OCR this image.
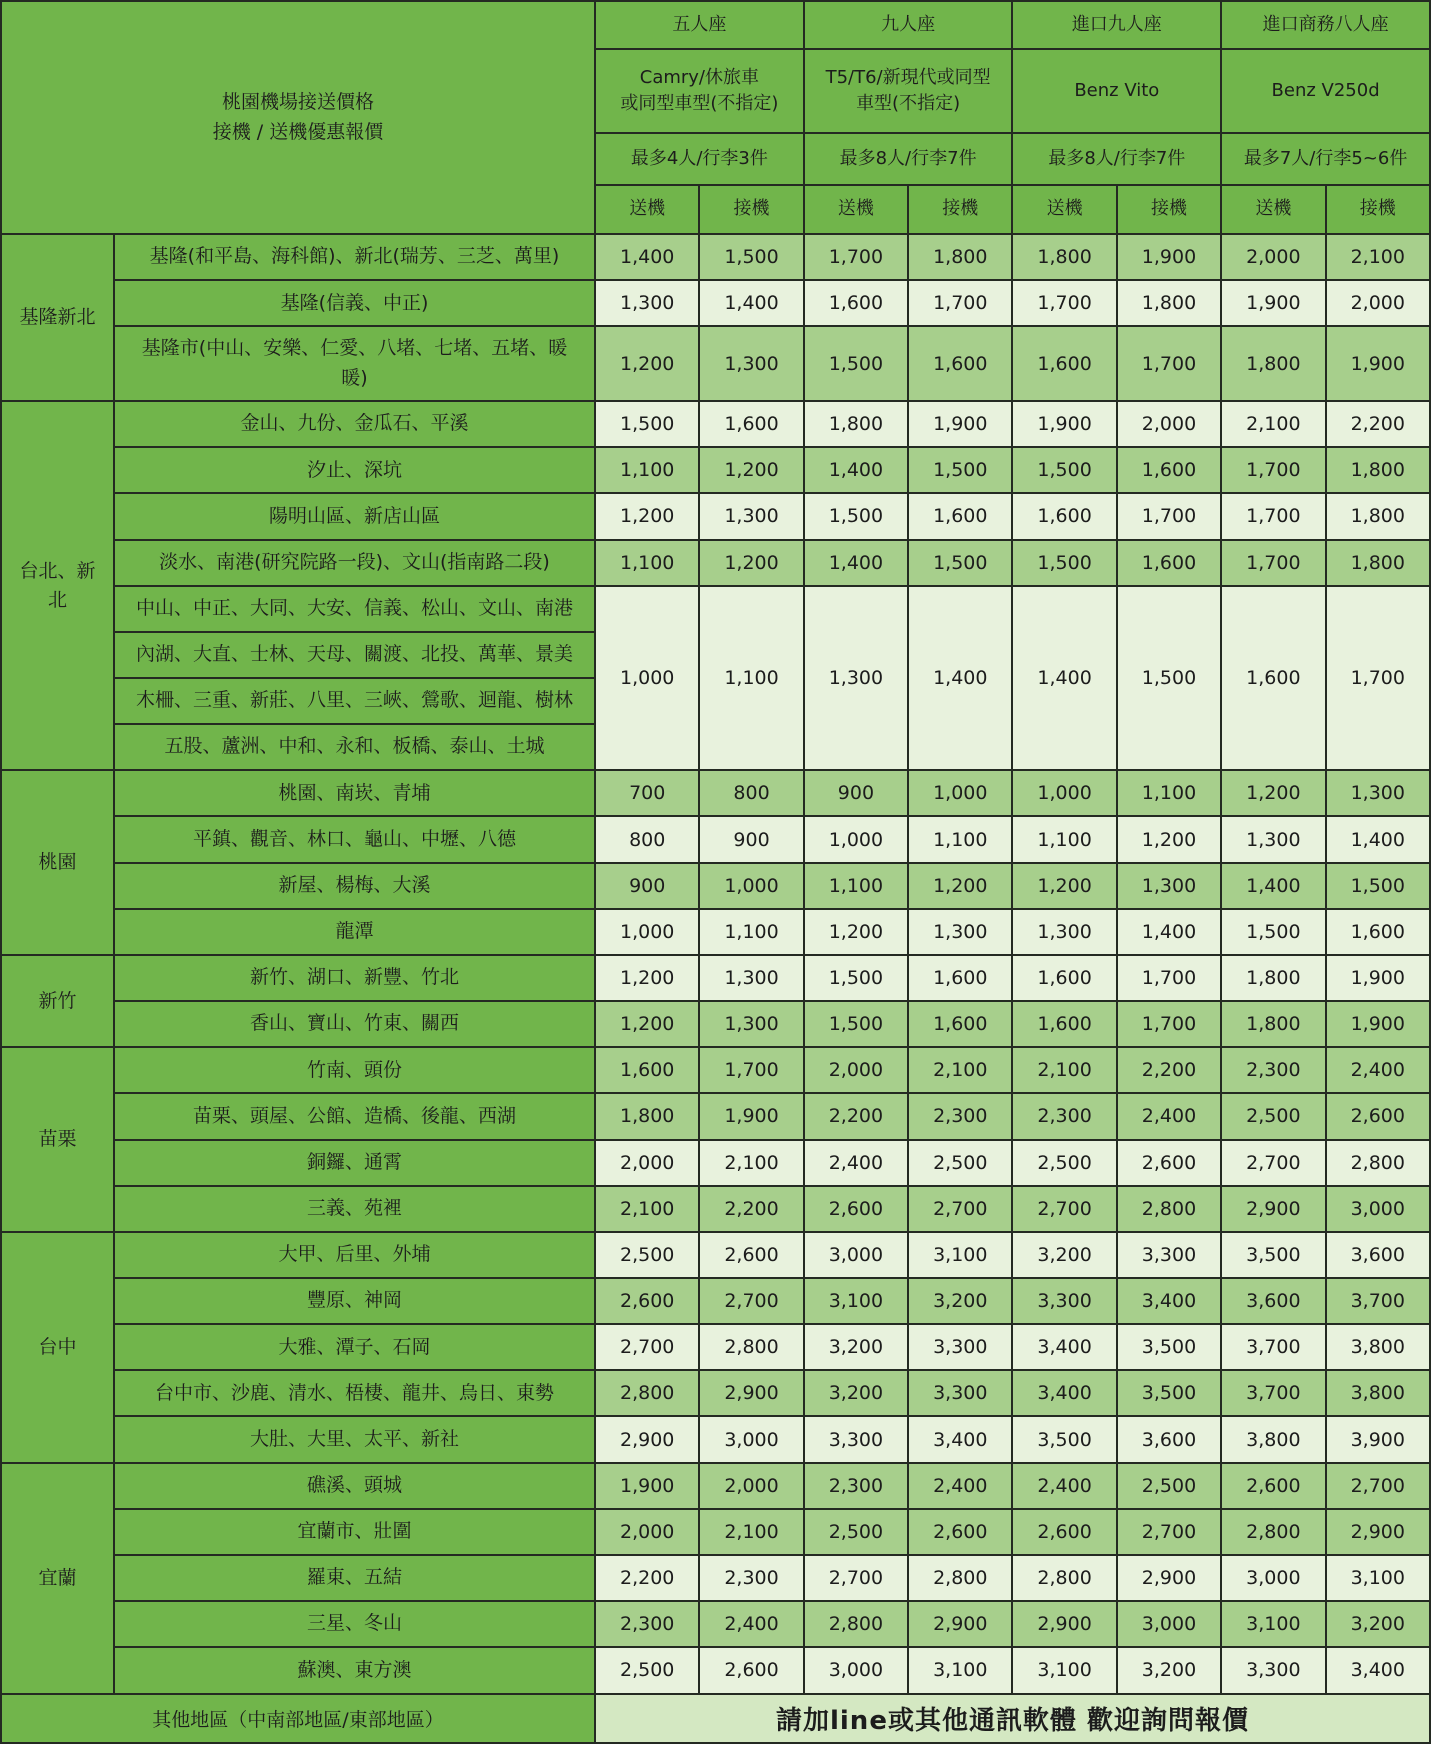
桃園機場接送價格
接機 / 送機優惠報價		五人座		九人座		進口九人座		進口商務八人座	
		Camry/休旅車
或同型車型(不指定)		T5/T6/新現代或同型
車型(不指定)		Benz Vito		Benz V250d	
		最多4人/行李3件		最多8人/行李7件		最多8人/行李7件		最多7人/行李5~6件	
		送機	接機	送機	接機	送機	接機	送機	接機
基隆新北	基隆(和平島、海科館)、新北(瑞芳、三芝、萬里)	1,400	1,500	1,700	1,800	1,800	1,900	2,000	2,100
	基隆(信義、中正)	1,300	1,400	1,600	1,700	1,700	1,800	1,900	2,000
	基隆市(中山、安樂、仁愛、八堵、七堵、五堵、暖
暖)	1,200	1,300	1,500	1,600	1,600	1,700	1,800	1,900
台北、新
北	金山、九份、金瓜石、平溪	1,500	1,600	1,800	1,900	1,900	2,000	2,100	2,200
	汐止、深坑	1,100	1,200	1,400	1,500	1,500	1,600	1,700	1,800
	陽明山區、新店山區	1,200	1,300	1,500	1,600	1,600	1,700	1,700	1,800
	淡水、南港(研究院路一段)、文山(指南路二段)	1,100	1,200	1,400	1,500	1,500	1,600	1,700	1,800
	中山、中正、大同、大安、信義、松山、文山、南港	1,000	1,100	1,300	1,400	1,400	1,500	1,600	1,700
	內湖、大直、士林、天母、關渡、北投、萬華、景美								
	木柵、三重、新莊、八里、三峽、鶯歌、迴龍、樹林								
	五股、蘆洲、中和、永和、板橋、泰山、土城								
桃園	桃園、南崁、青埔	700	800	900	1,000	1,000	1,100	1,200	1,300
	平鎮、觀音、林口、龜山、中壢、八德	800	900	1,000	1,100	1,100	1,200	1,300	1,400
	新屋、楊梅、大溪	900	1,000	1,100	1,200	1,200	1,300	1,400	1,500
	龍潭	1,000	1,100	1,200	1,300	1,300	1,400	1,500	1,600
新竹	新竹、湖口、新豐、竹北	1,200	1,300	1,500	1,600	1,600	1,700	1,800	1,900
	香山、寶山、竹東、關西	1,200	1,300	1,500	1,600	1,600	1,700	1,800	1,900
苗栗	竹南、頭份	1,600	1,700	2,000	2,100	2,100	2,200	2,300	2,400
	苗栗、頭屋、公館、造橋、後龍、西湖	1,800	1,900	2,200	2,300	2,300	2,400	2,500	2,600
	銅鑼、通霄	2,000	2,100	2,400	2,500	2,500	2,600	2,700	2,800
	三義、苑裡	2,100	2,200	2,600	2,700	2,700	2,800	2,900	3,000
台中	大甲、后里、外埔	2,500	2,600	3,000	3,100	3,200	3,300	3,500	3,600
	豐原、神岡	2,600	2,700	3,100	3,200	3,300	3,400	3,600	3,700
	大雅、潭子、石岡	2,700	2,800	3,200	3,300	3,400	3,500	3,700	3,800
	台中市、沙鹿、清水、梧棲、龍井、烏日、東勢	2,800	2,900	3,200	3,300	3,400	3,500	3,700	3,800
	大肚、大里、太平、新社	2,900	3,000	3,300	3,400	3,500	3,600	3,800	3,900
宜蘭	礁溪、頭城	1,900	2,000	2,300	2,400	2,400	2,500	2,600	2,700
	宜蘭市、壯圍	2,000	2,100	2,500	2,600	2,600	2,700	2,800	2,900
	羅東、五結	2,200	2,300	2,700	2,800	2,800	2,900	3,000	3,100
	三星、冬山	2,300	2,400	2,800	2,900	2,900	3,000	3,100	3,200
	蘇澳、東方澳	2,500	2,600	3,000	3,100	3,100	3,200	3,300	3,400
其他地區（中南部地區/東部地區）		請加line或其他通訊軟體 歡迎詢問報價							
